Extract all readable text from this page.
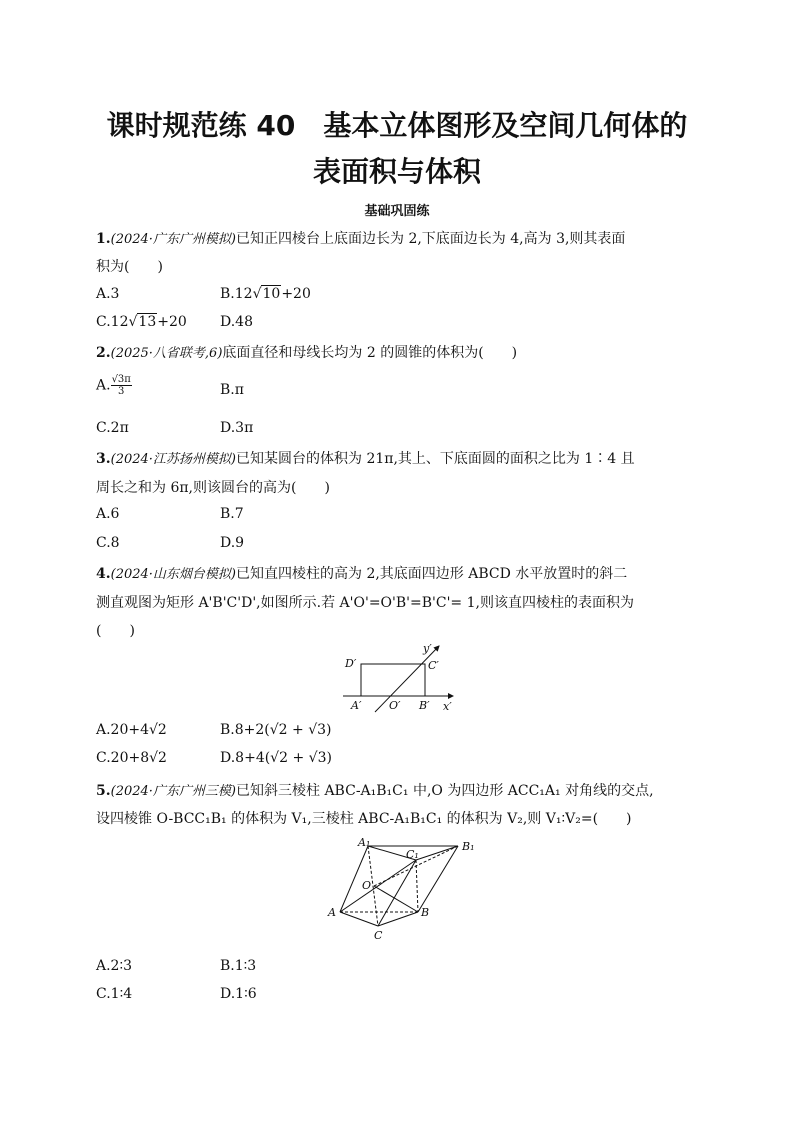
课时规范练 40　基本立体图形及空间几何体的
表面积与体积
基础巩固练
1.(2024·广东广州模拟)已知正四棱台上底面边长为 2,下底面边长为 4,高为 3,则其表面
积为(　　)
A.3	B.12√10+20
C.12√13+20 D.48
2.(2025·八省联考,6)底面直径和母线长均为 2 的圆锥的体积为(　　)
A. $\frac{√3\pi}{3}$	B.π
C.2π	D.3π
3.(2024·江苏扬州模拟)已知某圆台的体积为 21π,其上、下底面圆的面积之比为 1∶4 且
周长之和为 6π,则该圆台的高为(　　)
A.6	B.7
C.8	D.9
4.(2024·山东烟台模拟)已知直四棱柱的高为 2,其底面四边形 ABCD 水平放置时的斜二
测直观图为矩形 A'B'C'D',如图所示.若 A'O'=O'B'=B'C'= 1,则该直四棱柱的表面积为
(　　)
D′	C′
A′	O′ B′ x′
y′
A.20+4√2	B.8+2(√2 + √3)
C.20+8√2	D.8+4(√2 + √3)
5.(2024·广东广州三模)已知斜三棱柱 ABC-A₁B₁C₁ 中,O 为四边形 ACC₁A₁ 对角线的交点,
设四棱锥 O-BCC₁B₁ 的体积为 V₁,三棱柱 ABC-A₁B₁C₁ 的体积为 V₂,则 V₁∶V₂=(　　)
A₁
C₁
B₁
O
A	B
C
A.2∶3	B.1∶3
C.1∶4	D.1∶6
